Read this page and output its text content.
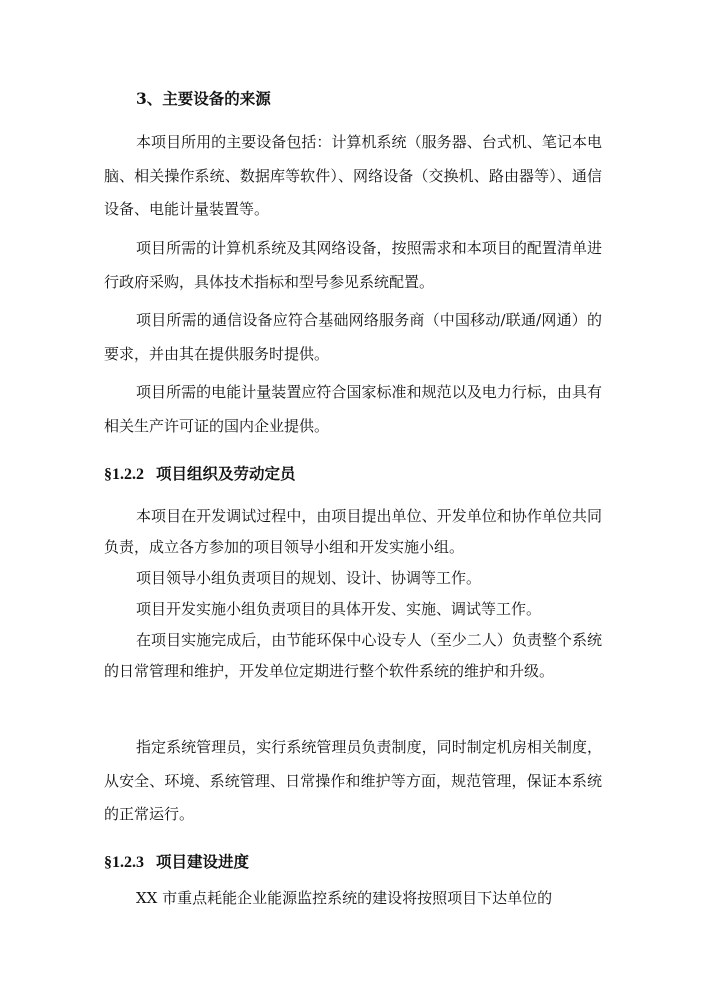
3、主要设备的来源

本项目所用的主要设备包括：计算机系统（服务器、台式机、笔记本电脑、相关操作系统、数据库等软件）、网络设备（交换机、路由器等）、通信设备、电能计量装置等。

项目所需的计算机系统及其网络设备，按照需求和本项目的配置清单进行政府采购，具体技术指标和型号参见系统配置。

项目所需的通信设备应符合基础网络服务商（中国移动/联通/网通）的要求，并由其在提供服务时提供。

项目所需的电能计量装置应符合国家标准和规范以及电力行标，由具有相关生产许可证的国内企业提供。

§1.2.2 项目组织及劳动定员

本项目在开发调试过程中，由项目提出单位、开发单位和协作单位共同负责，成立各方参加的项目领导小组和开发实施小组。

项目领导小组负责项目的规划、设计、协调等工作。

项目开发实施小组负责项目的具体开发、实施、调试等工作。

在项目实施完成后，由节能环保中心设专人（至少二人）负责整个系统的日常管理和维护，开发单位定期进行整个软件系统的维护和升级。

指定系统管理员，实行系统管理员负责制度，同时制定机房相关制度，从安全、环境、系统管理、日常操作和维护等方面，规范管理，保证本系统的正常运行。

§1.2.3 项目建设进度

XX 市重点耗能企业能源监控系统的建设将按照项目下达单位的
